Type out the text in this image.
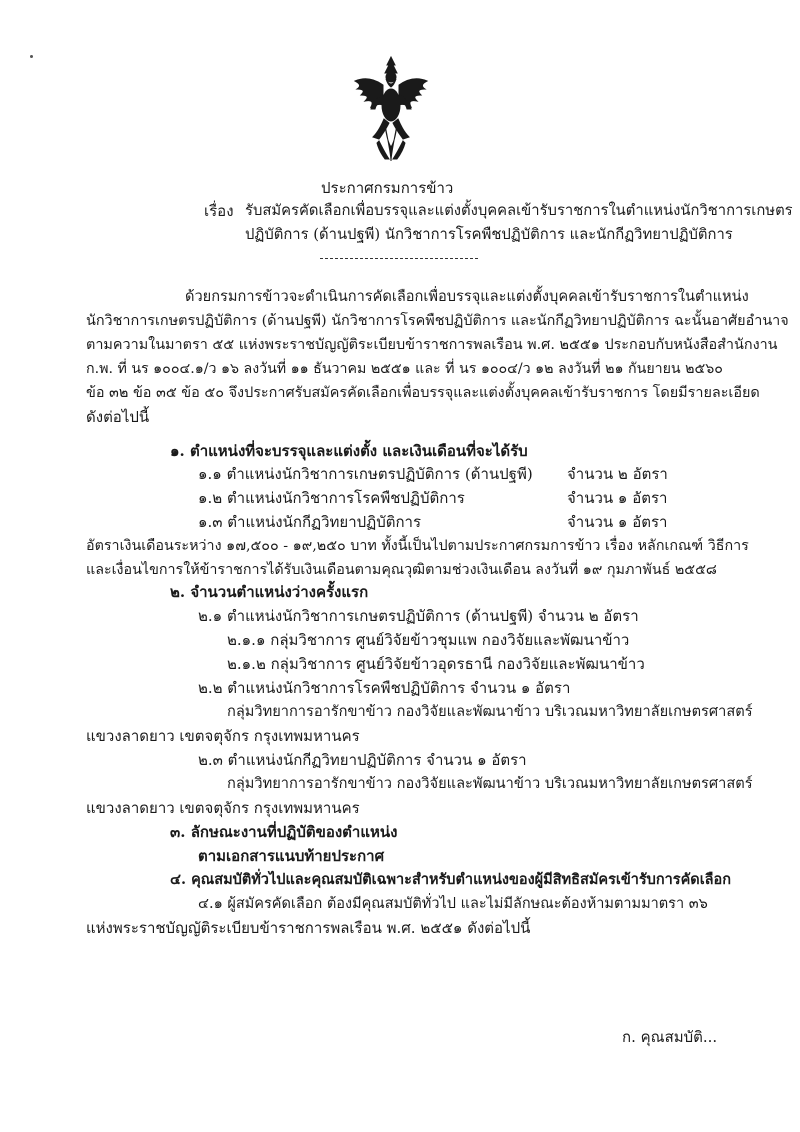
ประกาศกรมการข้าว
เรื่อง รับสมัครคัดเลือกเพื่อบรรจุและแต่งตั้งบุคคลเข้ารับราชการในตำแหน่งนักวิชาการเกษตร
ปฏิบัติการ (ด้านปฐพี) นักวิชาการโรคพืชปฏิบัติการ และนักกีฏวิทยาปฏิบัติการ
ด้วยกรมการข้าวจะดำเนินการคัดเลือกเพื่อบรรจุและแต่งตั้งบุคคลเข้ารับราชการในตำแหน่ง
นักวิชาการเกษตรปฏิบัติการ (ด้านปฐพี) นักวิชาการโรคพืชปฏิบัติการ และนักกีฏวิทยาปฏิบัติการ ฉะนั้นอาศัยอำนาจ
ตามความในมาตรา ๕๕ แห่งพระราชบัญญัติระเบียบข้าราชการพลเรือน พ.ศ. ๒๕๕๑ ประกอบกับหนังสือสำนักงาน
ก.พ. ที่ นร ๑๐๐๔.๑/ว ๑๖ ลงวันที่ ๑๑ ธันวาคม ๒๕๕๑ และ ที่ นร ๑๐๐๔/ว ๑๒ ลงวันที่ ๒๑ กันยายน ๒๕๖๐
ข้อ ๓๒ ข้อ ๓๕ ข้อ ๕๐ จึงประกาศรับสมัครคัดเลือกเพื่อบรรจุและแต่งตั้งบุคคลเข้ารับราชการ โดยมีรายละเอียด
ดังต่อไปนี้
๑. ตำแหน่งที่จะบรรจุและแต่งตั้ง และเงินเดือนที่จะได้รับ
๑.๑ ตำแหน่งนักวิชาการเกษตรปฏิบัติการ (ด้านปฐพี) จำนวน ๒ อัตรา
๑.๒ ตำแหน่งนักวิชาการโรคพืชปฏิบัติการ	จำนวน ๑ อัตรา
๑.๓ ตำแหน่งนักกีฏวิทยาปฏิบัติการ	จำนวน ๑ อัตรา
อัตราเงินเดือนระหว่าง ๑๗,๕๐๐ - ๑๙,๒๕๐ บาท ทั้งนี้เป็นไปตามประกาศกรมการข้าว เรื่อง หลักเกณฑ์ วิธีการ
และเงื่อนไขการให้ข้าราชการได้รับเงินเดือนตามคุณวุฒิตามช่วงเงินเดือน ลงวันที่ ๑๙ กุมภาพันธ์ ๒๕๕๘
๒. จำนวนตำแหน่งว่างครั้งแรก
๒.๑ ตำแหน่งนักวิชาการเกษตรปฏิบัติการ (ด้านปฐพี) จำนวน ๒ อัตรา
๒.๑.๑ กลุ่มวิชาการ ศูนย์วิจัยข้าวชุมแพ กองวิจัยและพัฒนาข้าว
๒.๑.๒ กลุ่มวิชาการ ศูนย์วิจัยข้าวอุดรธานี กองวิจัยและพัฒนาข้าว
๒.๒ ตำแหน่งนักวิชาการโรคพืชปฏิบัติการ จำนวน ๑ อัตรา
กลุ่มวิทยาการอารักขาข้าว กองวิจัยและพัฒนาข้าว บริเวณมหาวิทยาลัยเกษตรศาสตร์
แขวงลาดยาว เขตจตุจักร กรุงเทพมหานคร
๒.๓ ตำแหน่งนักกีฏวิทยาปฏิบัติการ จำนวน ๑ อัตรา
กลุ่มวิทยาการอารักขาข้าว กองวิจัยและพัฒนาข้าว บริเวณมหาวิทยาลัยเกษตรศาสตร์
แขวงลาดยาว เขตจตุจักร กรุงเทพมหานคร
๓. ลักษณะงานที่ปฏิบัติของตำแหน่ง
ตามเอกสารแนบท้ายประกาศ
๔. คุณสมบัติทั่วไปและคุณสมบัติเฉพาะสำหรับตำแหน่งของผู้มีสิทธิสมัครเข้ารับการคัดเลือก
๔.๑ ผู้สมัครคัดเลือก ต้องมีคุณสมบัติทั่วไป และไม่มีลักษณะต้องห้ามตามมาตรา ๓๖
แห่งพระราชบัญญัติระเบียบข้าราชการพลเรือน พ.ศ. ๒๕๕๑ ดังต่อไปนี้
ก. คุณสมบัติ...
